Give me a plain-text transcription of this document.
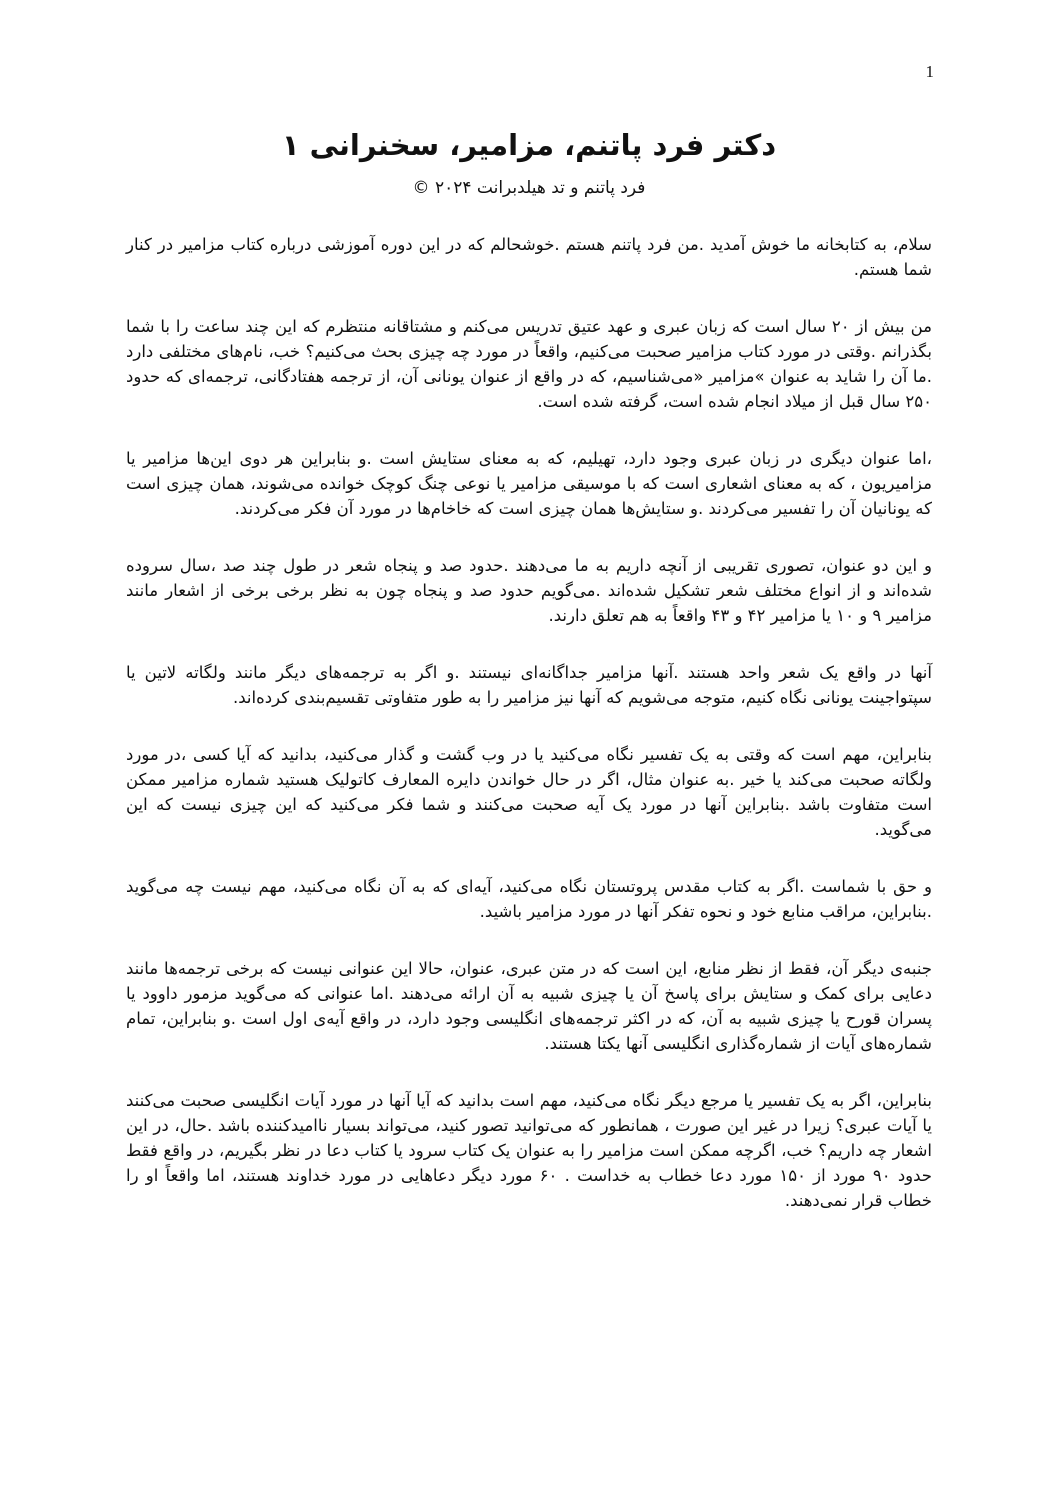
1
دکتر فرد پاتنم، مزامیر، سخنرانی ۱
فرد پاتنم و تد هیلدبرانت ۲۰۲۴ ©

سلام، به کتابخانه ما خوش آمدید .من فرد پاتنم هستم .خوشحالم که در این دوره آموزشی درباره کتاب مزامیر در کنار شما هستم.

من بیش از ۲۰ سال است که زبان عبری و عهد عتیق تدریس می‌کنم و مشتاقانه منتظرم که این چند ساعت را با شما بگذرانم .وقتی در مورد کتاب مزامیر صحبت می‌کنیم، واقعاً در مورد چه چیزی بحث می‌کنیم؟ خب، نام‌های مختلفی دارد .ما آن را شاید به عنوان »مزامیر «می‌شناسیم، که در واقع از عنوان یونانی آن، از ترجمه هفتادگانی، ترجمه‌ای که حدود ۲۵۰ سال قبل از میلاد انجام شده است، گرفته شده است.

،اما عنوان دیگری در زبان عبری وجود دارد، تهیلیم، که به معنای ستایش است .و بنابراین هر دوی این‌ها مزامیر یا مزامیریون ، که به معنای اشعاری است که با موسیقی مزامیر یا نوعی چنگ کوچک خوانده می‌شوند، همان چیزی است که یونانیان آن را تفسیر می‌کردند .و ستایش‌ها همان چیزی است که خاخام‌ها در مورد آن فکر می‌کردند.

و این دو عنوان، تصوری تقریبی از آنچه داریم به ما می‌دهند .حدود صد و پنجاه شعر در طول چند صد ،سال سروده شده‌اند و از انواع مختلف شعر تشکیل شده‌اند .می‌گویم حدود صد و پنجاه چون به نظر برخی برخی از اشعار مانند مزامیر ۹ و ۱۰ یا مزامیر ۴۲ و ۴۳ واقعاً به هم تعلق دارند.

آنها در واقع یک شعر واحد هستند .آنها مزامیر جداگانه‌ای نیستند .و اگر به ترجمه‌های دیگر مانند ولگاته لاتین یا سپتواجینت یونانی نگاه کنیم، متوجه می‌شویم که آنها نیز مزامیر را به طور متفاوتی تقسیم‌بندی کرده‌اند.

بنابراین، مهم است که وقتی به یک تفسیر نگاه می‌کنید یا در وب گشت و گذار می‌کنید، بدانید که آیا کسی ،در مورد ولگاته صحبت می‌کند یا خیر .به عنوان مثال، اگر در حال خواندن دایره المعارف کاتولیک هستید شماره مزامیر ممکن است متفاوت باشد .بنابراین آنها در مورد یک آیه صحبت می‌کنند و شما فکر می‌کنید که این چیزی نیست که این می‌گوید.

و حق با شماست .اگر به کتاب مقدس پروتستان نگاه می‌کنید، آیه‌ای که به آن نگاه می‌کنید، مهم نیست چه می‌گوید .بنابراین، مراقب منابع خود و نحوه تفکر آنها در مورد مزامیر باشید.

جنبه‌ی دیگر آن، فقط از نظر منابع، این است که در متن عبری، عنوان، حالا این عنوانی نیست که برخی ترجمه‌ها مانند دعایی برای کمک و ستایش برای پاسخ آن یا چیزی شبیه به آن ارائه می‌دهند .اما عنوانی که می‌گوید مزمور داوود یا پسران قورح یا چیزی شبیه به آن، که در اکثر ترجمه‌های انگلیسی وجود دارد، در واقع آیه‌ی اول است .و بنابراین، تمام شماره‌های آیات از شماره‌گذاری انگلیسی آنها یکتا هستند.

بنابراین، اگر به یک تفسیر یا مرجع دیگر نگاه می‌کنید، مهم است بدانید که آیا آنها در مورد آیات انگلیسی صحبت می‌کنند یا آیات عبری؟ زیرا در غیر این صورت ، همانطور که می‌توانید تصور کنید، می‌تواند بسیار ناامیدکننده باشد .حال، در این اشعار چه داریم؟ خب، اگرچه ممکن است مزامیر را به عنوان یک کتاب سرود یا کتاب دعا در نظر بگیریم، در واقع فقط حدود ۹۰ مورد از ۱۵۰ مورد دعا خطاب به خداست . ۶۰ مورد دیگر دعاهایی در مورد خداوند هستند، اما واقعاً او را خطاب قرار نمی‌دهند.
